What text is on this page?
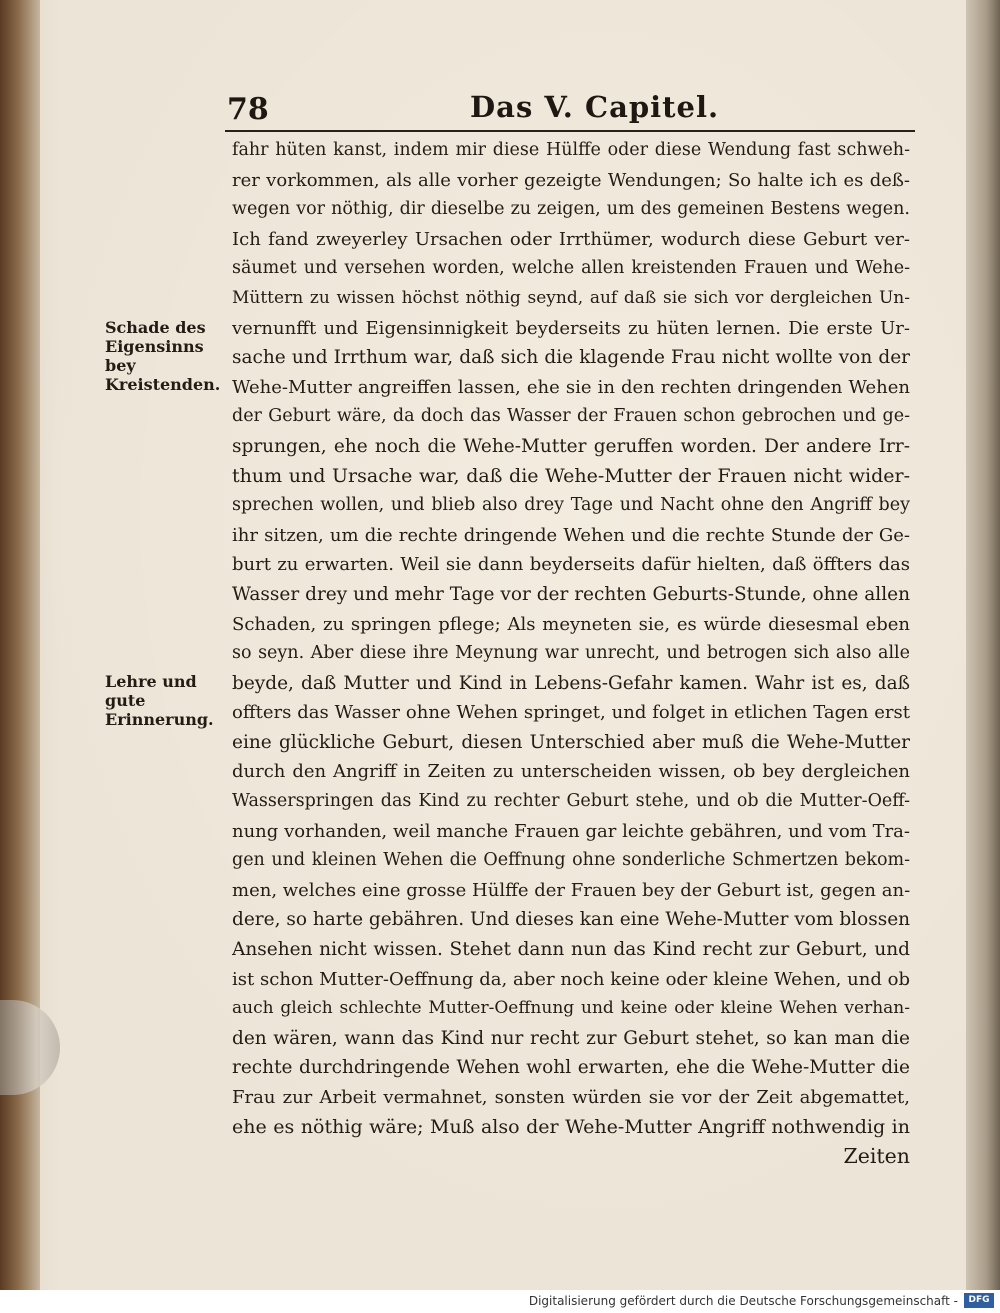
78	Das V. Capitel.
Schade des Eigensinns bey Kreistenden.
Lehre und gute Erinnerung.
fahr hüten kanst, indem mir diese Hülffe oder diese Wendung fast schweh-
rer vorkommen, als alle vorher gezeigte Wendungen; So halte ich es deß-
wegen vor nöthig, dir dieselbe zu zeigen, um des gemeinen Bestens wegen.
Ich fand zweyerley Ursachen oder Irrthümer, wodurch diese Geburt ver-
säumet und versehen worden, welche allen kreistenden Frauen und Wehe-
Müttern zu wissen höchst nöthig seynd, auf daß sie sich vor dergleichen Un-
vernunfft und Eigensinnigkeit beyderseits zu hüten lernen. Die erste Ur-
sache und Irrthum war, daß sich die klagende Frau nicht wollte von der
Wehe-Mutter angreiffen lassen, ehe sie in den rechten dringenden Wehen
der Geburt wäre, da doch das Wasser der Frauen schon gebrochen und ge-
sprungen, ehe noch die Wehe-Mutter geruffen worden. Der andere Irr-
thum und Ursache war, daß die Wehe-Mutter der Frauen nicht wider-
sprechen wollen, und blieb also drey Tage und Nacht ohne den Angriff bey
ihr sitzen, um die rechte dringende Wehen und die rechte Stunde der Ge-
burt zu erwarten. Weil sie dann beyderseits dafür hielten, daß öffters das
Wasser drey und mehr Tage vor der rechten Geburts-Stunde, ohne allen
Schaden, zu springen pflege; Als meyneten sie, es würde diesesmal eben
so seyn. Aber diese ihre Meynung war unrecht, und betrogen sich also alle
beyde, daß Mutter und Kind in Lebens-Gefahr kamen. Wahr ist es, daß
offters das Wasser ohne Wehen springet, und folget in etlichen Tagen erst
eine glückliche Geburt, diesen Unterschied aber muß die Wehe-Mutter
durch den Angriff in Zeiten zu unterscheiden wissen, ob bey dergleichen
Wasserspringen das Kind zu rechter Geburt stehe, und ob die Mutter-Oeff-
nung vorhanden, weil manche Frauen gar leichte gebähren, und vom Tra-
gen und kleinen Wehen die Oeffnung ohne sonderliche Schmertzen bekom-
men, welches eine grosse Hülffe der Frauen bey der Geburt ist, gegen an-
dere, so harte gebähren. Und dieses kan eine Wehe-Mutter vom blossen
Ansehen nicht wissen. Stehet dann nun das Kind recht zur Geburt, und
ist schon Mutter-Oeffnung da, aber noch keine oder kleine Wehen, und ob
auch gleich schlechte Mutter-Oeffnung und keine oder kleine Wehen verhan-
den wären, wann das Kind nur recht zur Geburt stehet, so kan man die
rechte durchdringende Wehen wohl erwarten, ehe die Wehe-Mutter die
Frau zur Arbeit vermahnet, sonsten würden sie vor der Zeit abgemattet,
ehe es nöthig wäre; Muß also der Wehe-Mutter Angriff nothwendig in
Zeiten
Digitalisierung gefördert durch die Deutsche Forschungsgemeinschaft -	DFG
